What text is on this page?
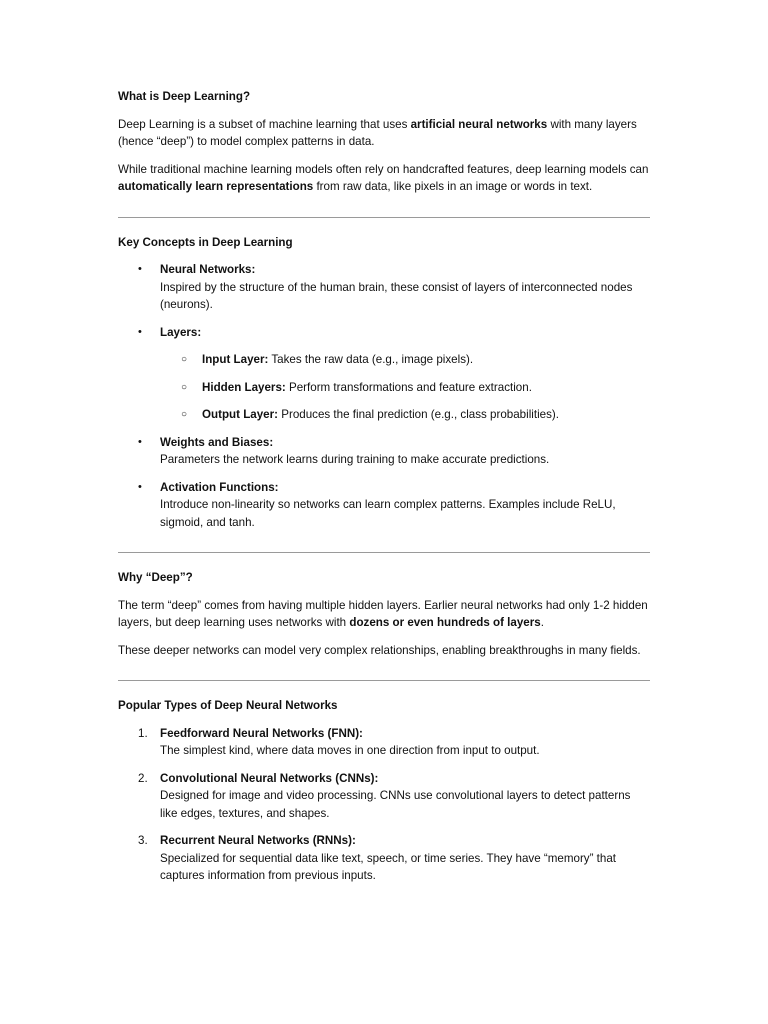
What is Deep Learning?

Deep Learning is a subset of machine learning that uses artificial neural networks with many layers (hence “deep”) to model complex patterns in data.

While traditional machine learning models often rely on handcrafted features, deep learning models can automatically learn representations from raw data, like pixels in an image or words in text.

Key Concepts in Deep Learning
• Neural Networks:
Inspired by the structure of the human brain, these consist of layers of interconnected nodes (neurons).
• Layers:
○ Input Layer: Takes the raw data (e.g., image pixels).
○ Hidden Layers: Perform transformations and feature extraction.
○ Output Layer: Produces the final prediction (e.g., class probabilities).
• Weights and Biases:
Parameters the network learns during training to make accurate predictions.
• Activation Functions:
Introduce non-linearity so networks can learn complex patterns. Examples include ReLU, sigmoid, and tanh.
Why “Deep”?

The term “deep” comes from having multiple hidden layers. Earlier neural networks had only 1-2 hidden layers, but deep learning uses networks with dozens or even hundreds of layers.

These deeper networks can model very complex relationships, enabling breakthroughs in many fields.

Popular Types of Deep Neural Networks
1. Feedforward Neural Networks (FNN):
The simplest kind, where data moves in one direction from input to output.
2. Convolutional Neural Networks (CNNs):
Designed for image and video processing. CNNs use convolutional layers to detect patterns like edges, textures, and shapes.
3. Recurrent Neural Networks (RNNs):
Specialized for sequential data like text, speech, or time series. They have “memory” that captures information from previous inputs.
